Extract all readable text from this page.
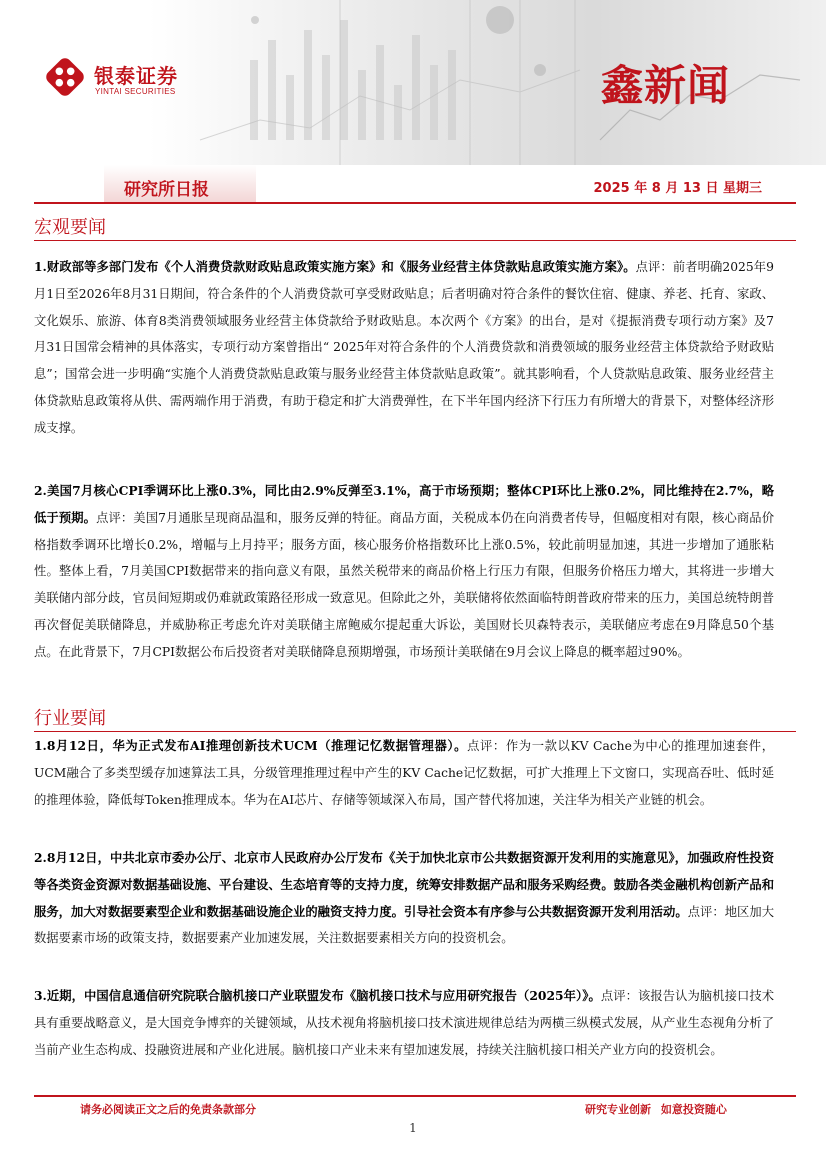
银泰证券
YINTAI SECURITIES	鑫新闻
研究所日报	2025 年 8 月 13 日 星期三
宏观要闻

1.财政部等多部门发布《个人消费贷款财政贴息政策实施方案》和《服务业经营主体贷款贴息政策实施方案》。点评：前者明确2025年9月1日至2026年8月31日期间，符合条件的个人消费贷款可享受财政贴息；后者明确对符合条件的餐饮住宿、健康、养老、托育、家政、文化娱乐、旅游、体育8类消费领域服务业经营主体贷款给予财政贴息。本次两个《方案》的出台，是对《提振消费专项行动方案》及7月31日国常会精神的具体落实，专项行动方案曾指出“ 2025年对符合条件的个人消费贷款和消费领域的服务业经营主体贷款给予财政贴息”；国常会进一步明确“实施个人消费贷款贴息政策与服务业经营主体贷款贴息政策”。就其影响看，个人贷款贴息政策、服务业经营主体贷款贴息政策将从供、需两端作用于消费，有助于稳定和扩大消费弹性，在下半年国内经济下行压力有所增大的背景下，对整体经济形成支撑。

2.美国7月核心CPI季调环比上涨0.3%，同比由2.9%反弹至3.1%，高于市场预期；整体CPI环比上涨0.2%，同比维持在2.7%，略低于预期。点评：美国7月通胀呈现商品温和，服务反弹的特征。商品方面，关税成本仍在向消费者传导，但幅度相对有限，核心商品价格指数季调环比增长0.2%，增幅与上月持平；服务方面，核心服务价格指数环比上涨0.5%，较此前明显加速，其进一步增加了通胀粘性。整体上看，7月美国CPI数据带来的指向意义有限，虽然关税带来的商品价格上行压力有限，但服务价格压力增大，其将进一步增大美联储内部分歧，官员间短期或仍难就政策路径形成一致意见。但除此之外，美联储将依然面临特朗普政府带来的压力，美国总统特朗普再次督促美联储降息，并威胁称正考虑允许对美联储主席鲍威尔提起重大诉讼，美国财长贝森特表示，美联储应考虑在9月降息50个基点。在此背景下，7月CPI数据公布后投资者对美联储降息预期增强，市场预计美联储在9月会议上降息的概率超过90%。

行业要闻

1.8月12日，华为正式发布AI推理创新技术UCM（推理记忆数据管理器）。点评：作为一款以KV Cache为中心的推理加速套件，UCM融合了多类型缓存加速算法工具，分级管理推理过程中产生的KV Cache记忆数据，可扩大推理上下文窗口，实现高吞吐、低时延的推理体验，降低每Token推理成本。华为在AI芯片、存储等领域深入布局，国产替代将加速，关注华为相关产业链的机会。

2.8月12日，中共北京市委办公厅、北京市人民政府办公厅发布《关于加快北京市公共数据资源开发利用的实施意见》，加强政府性投资等各类资金资源对数据基础设施、平台建设、生态培育等的支持力度，统筹安排数据产品和服务采购经费。鼓励各类金融机构创新产品和服务，加大对数据要素型企业和数据基础设施企业的融资支持力度。引导社会资本有序参与公共数据资源开发利用活动。点评：地区加大数据要素市场的政策支持，数据要素产业加速发展，关注数据要素相关方向的投资机会。

3.近期，中国信息通信研究院联合脑机接口产业联盟发布《脑机接口技术与应用研究报告（2025年）》。点评：该报告认为脑机接口技术具有重要战略意义，是大国竞争博弈的关键领域，从技术视角将脑机接口技术演进规律总结为两横三纵模式发展，从产业生态视角分析了当前产业生态构成、投融资进展和产业化进展。脑机接口产业未来有望加速发展，持续关注脑机接口相关产业方向的投资机会。

请务必阅读正文之后的免责条款部分	研究专业创新 如意投资随心
1
